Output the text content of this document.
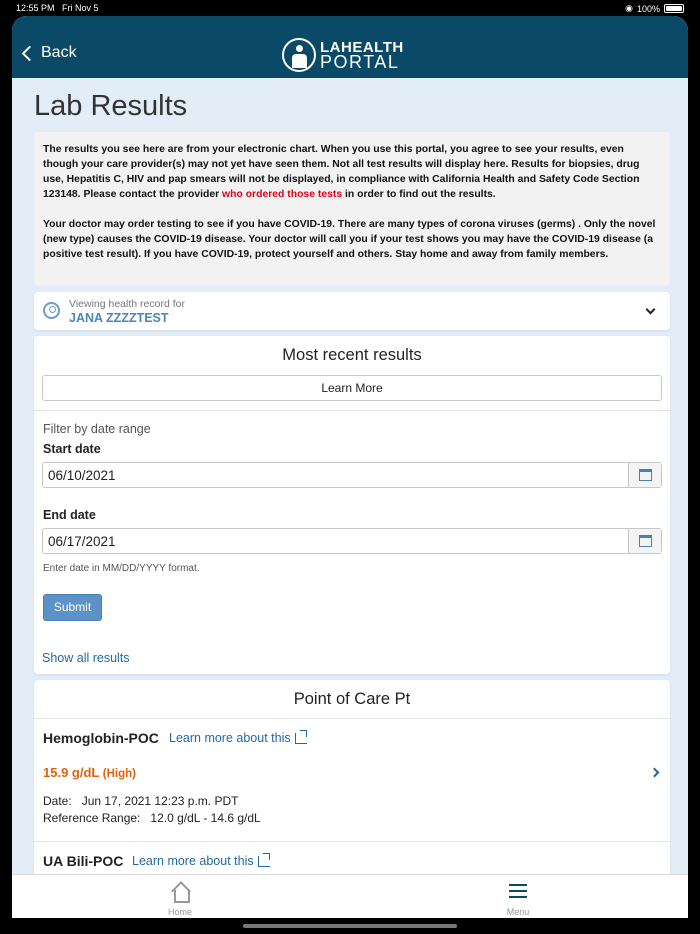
12:55 PM Fri Nov 5	◉ 100%
Back	LAHEALTH
PORTAL
Lab Results

The results you see here are from your electronic chart. When you use this portal, you agree to see your results, even though your care provider(s) may not yet have seen them. Not all test results will display here. Results for biopsies, drug use, Hepatitis C, HIV and pap smears will not be displayed, in compliance with California Health and Safety Code Section 123148. Please contact the provider who ordered those tests in order to find out the results.

Your doctor may order testing to see if you have COVID-19. There are many types of corona viruses (germs) . Only the novel (new type) causes the COVID-19 disease. Your doctor will call you if your test shows you may have the COVID-19 disease (a positive test result). If you have COVID-19, protect yourself and others. Stay home and away from family members.

Viewing health record for
JANA ZZZZTEST
Most recent results
Learn More
Filter by date range
Start date
06/10/2021
End date
06/17/2021
Enter date in MM/DD/YYYY format.
Submit
Show all results
Point of Care Pt
Hemoglobin-POC Learn more about this
15.9 g/dL (High)
Date: Jun 17, 2021 12:23 p.m. PDT
Reference Range: 12.0 g/dL - 14.6 g/dL
UA Bili-POC Learn more about this
Home	Menu
